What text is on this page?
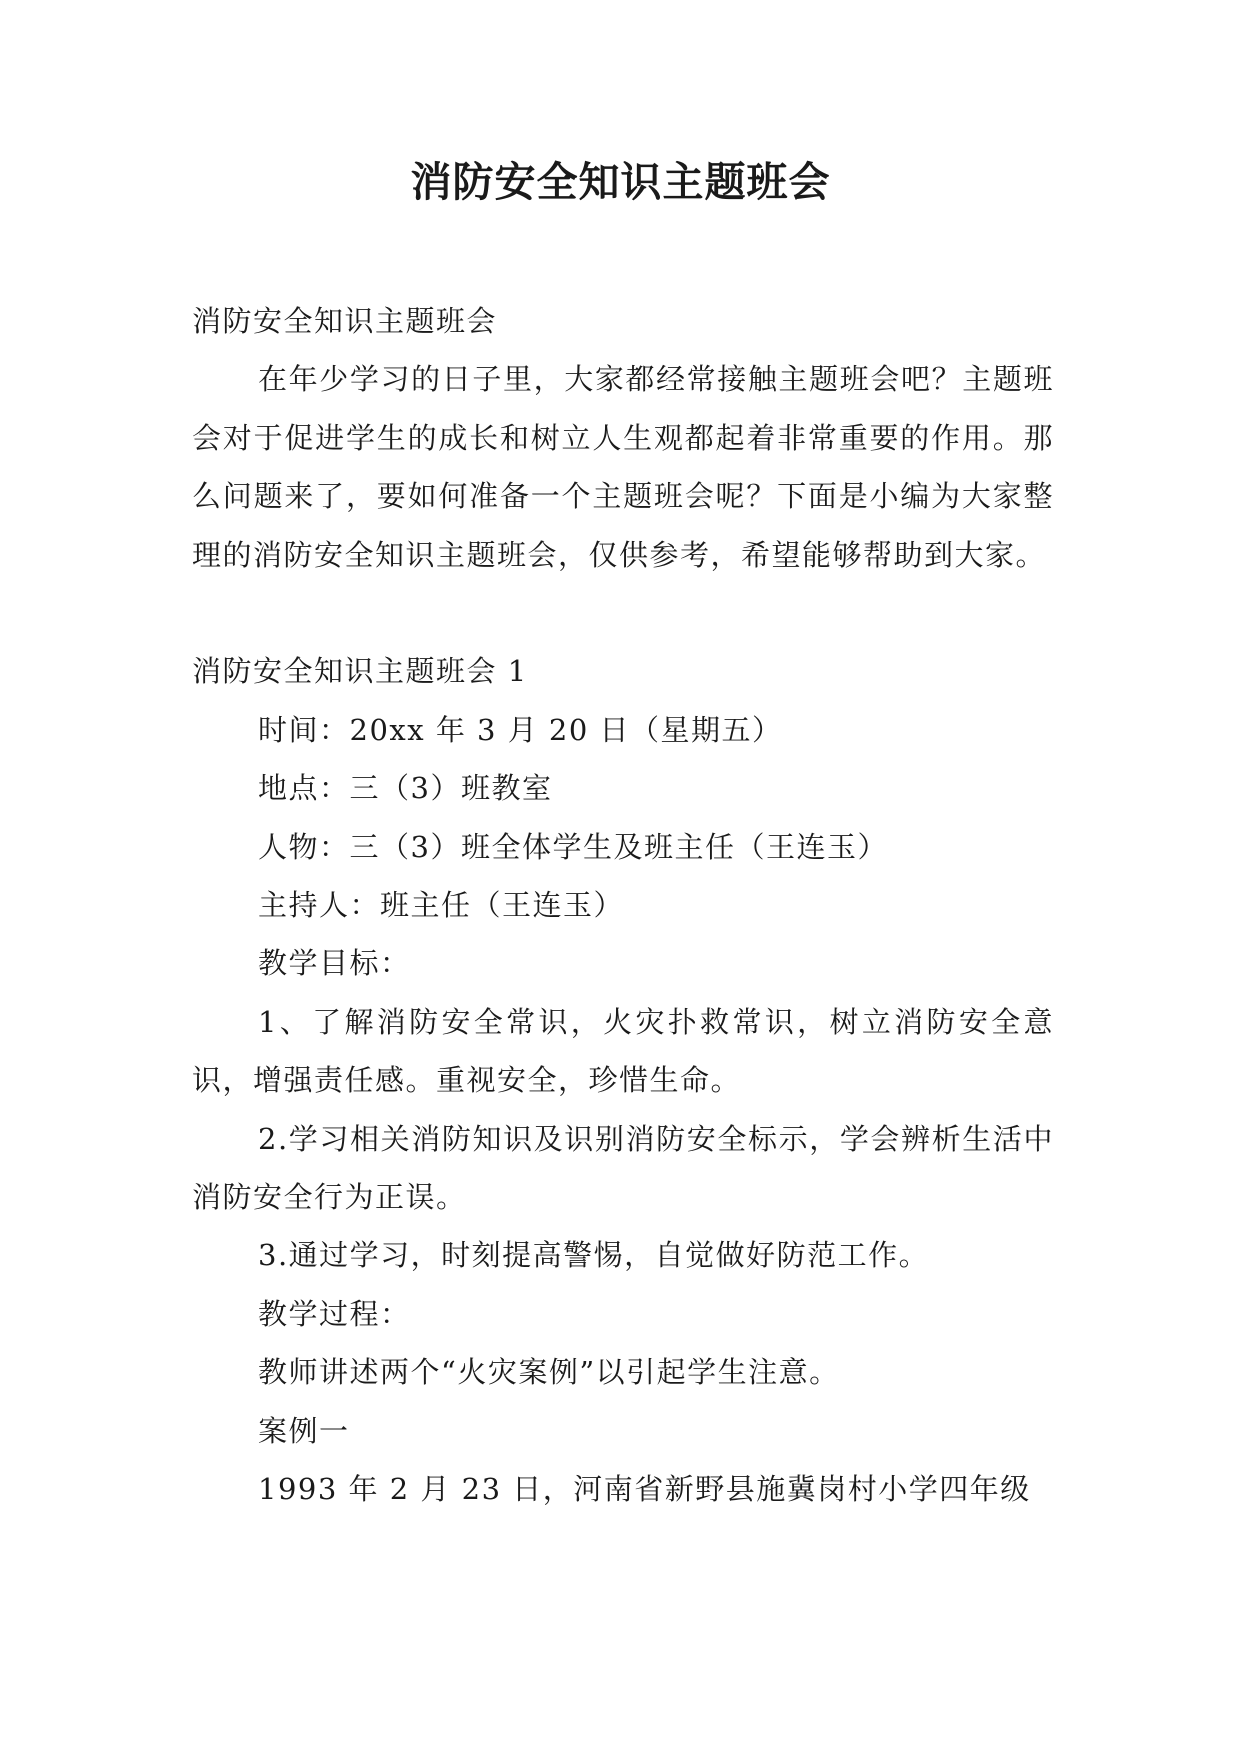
消防安全知识主题班会

消防安全知识主题班会

在年少学习的日子里，大家都经常接触主题班会吧？主题班会对于促进学生的成长和树立人生观都起着非常重要的作用。那么问题来了，要如何准备一个主题班会呢？下面是小编为大家整理的消防安全知识主题班会，仅供参考，希望能够帮助到大家。

消防安全知识主题班会 1

时间：20xx 年 3 月 20 日（星期五）

地点：三（3）班教室

人物：三（3）班全体学生及班主任（王连玉）

主持人：班主任（王连玉）

教学目标：

1、了解消防安全常识，火灾扑救常识，树立消防安全意识，增强责任感。重视安全，珍惜生命。

2.学习相关消防知识及识别消防安全标示，学会辨析生活中消防安全行为正误。

3.通过学习，时刻提高警惕，自觉做好防范工作。

教学过程：

教师讲述两个“火灾案例”以引起学生注意。

案例一

1993 年 2 月 23 日，河南省新野县施冀岗村小学四年级
